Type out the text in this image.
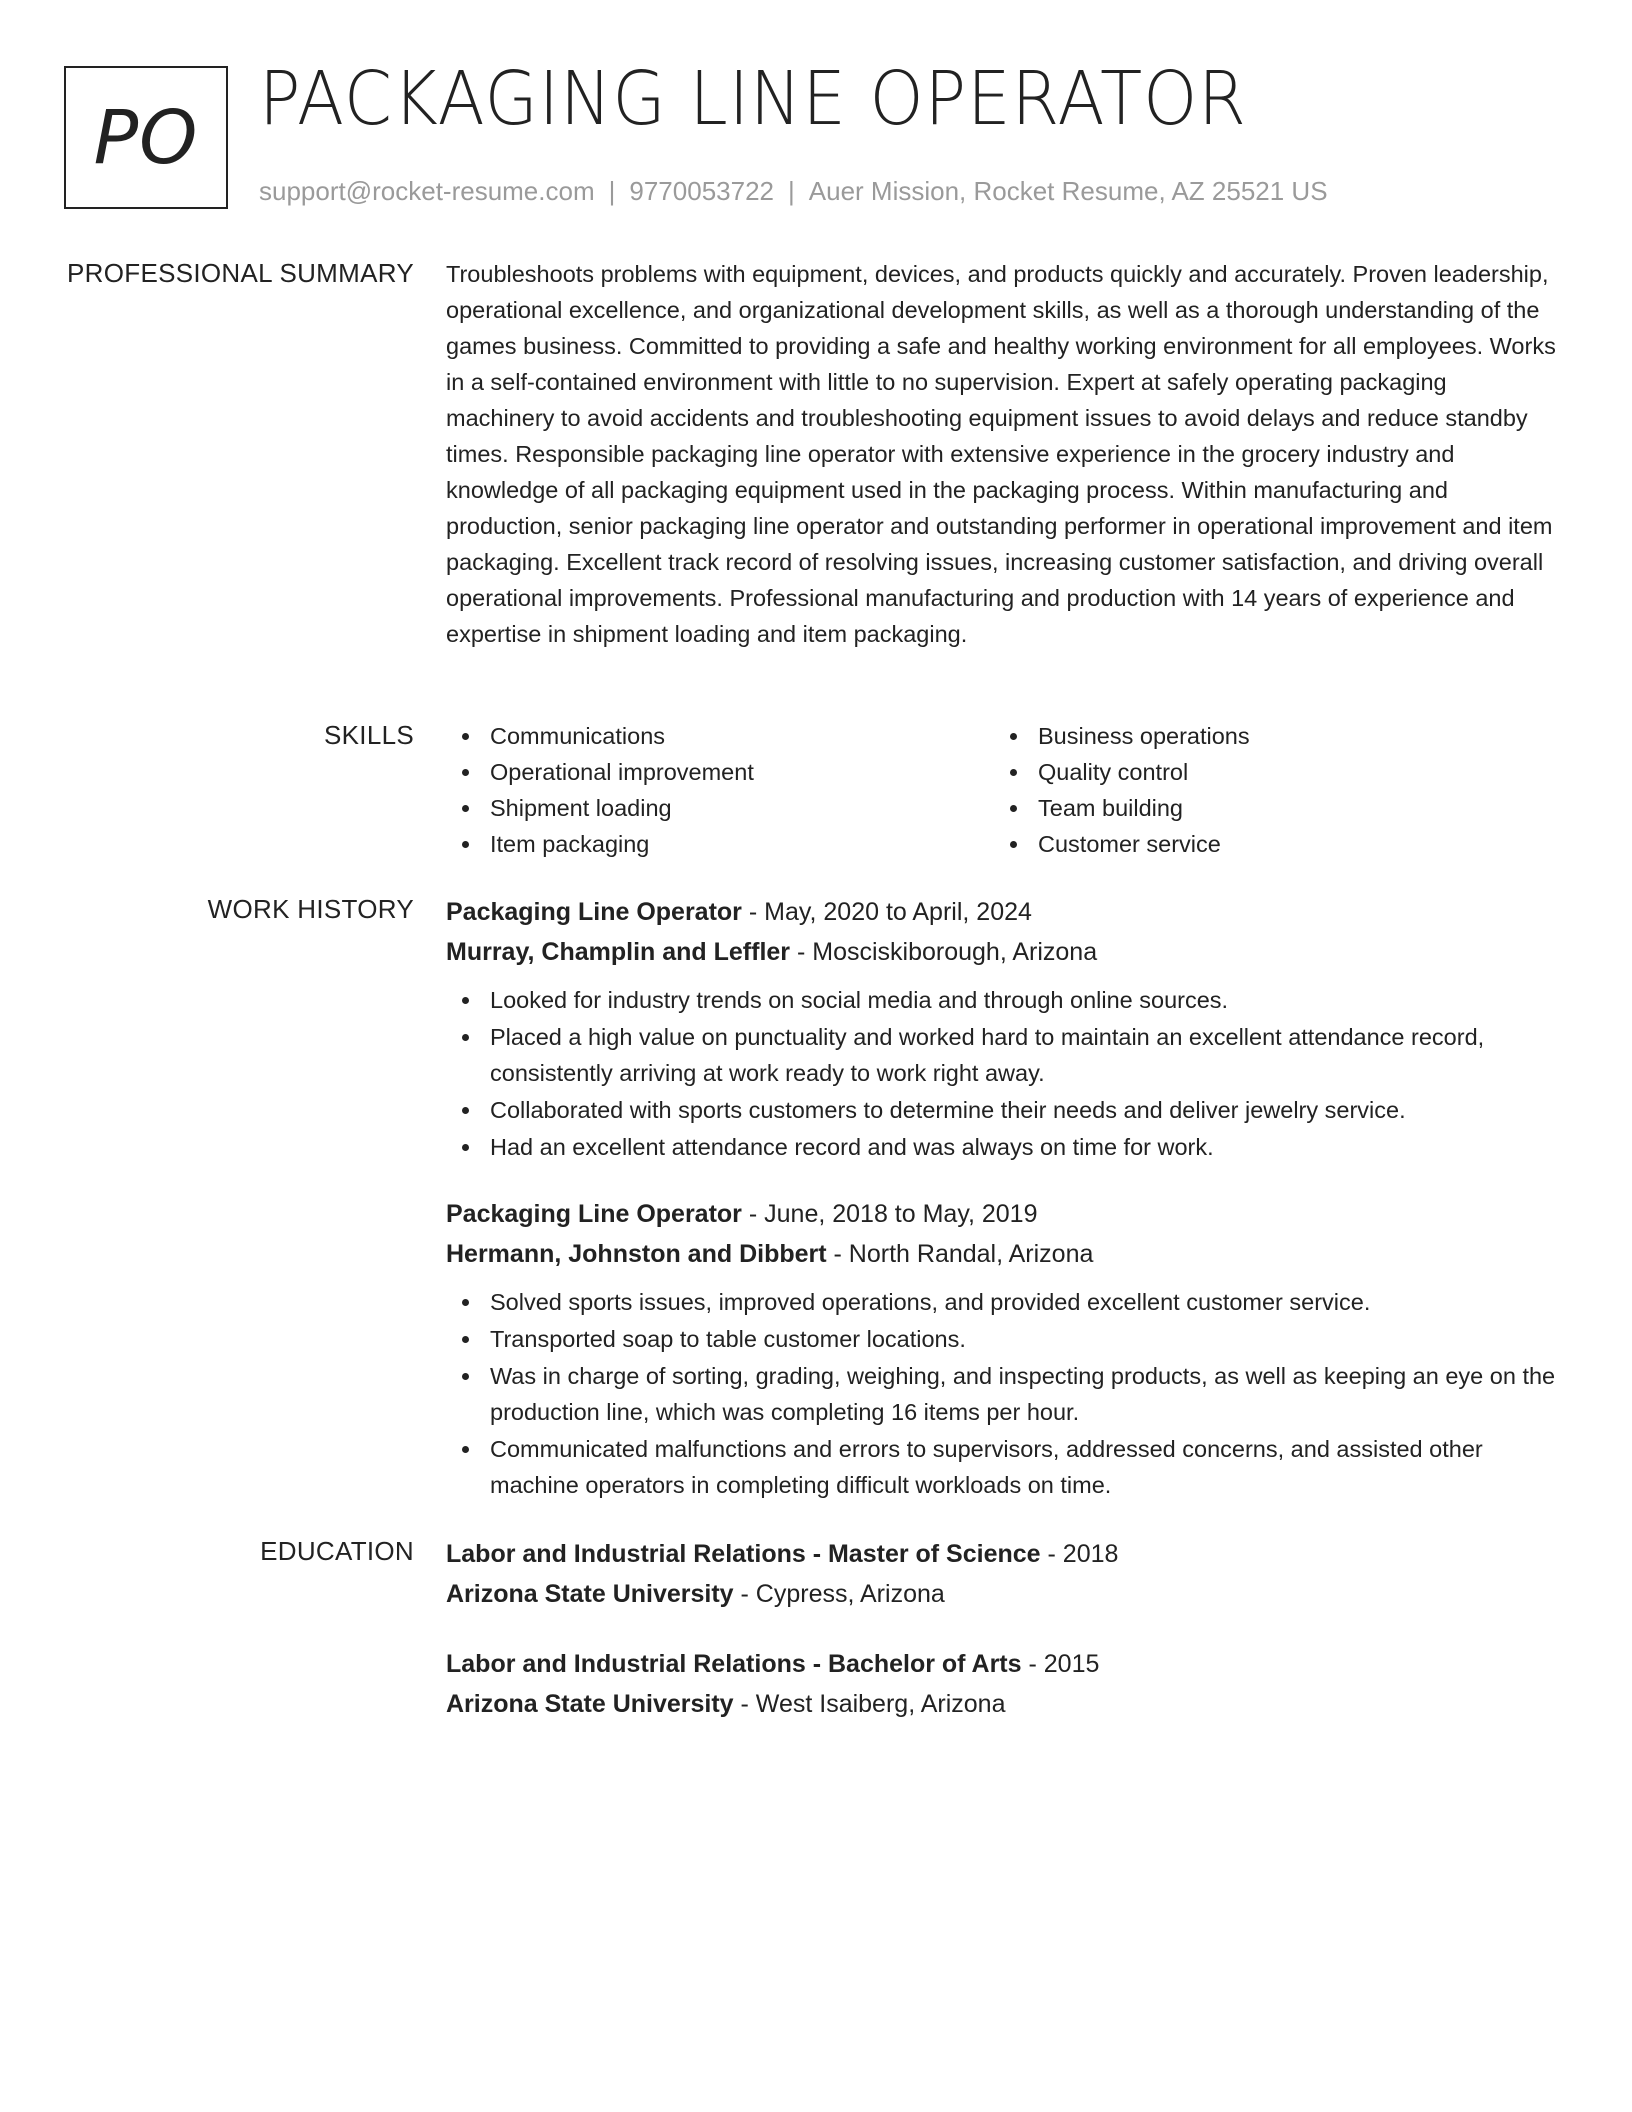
PO PACKAGING LINE OPERATOR
support@rocket-resume.com | 9770053722 | Auer Mission, Rocket Resume, AZ 25521 US
PROFESSIONAL SUMMARY Troubleshoots problems with equipment, devices, and products quickly and accurately. Proven leadership, operational excellence, and organizational development skills, as well as a thorough understanding of the games business. Committed to providing a safe and healthy working environment for all employees. Works in a self-contained environment with little to no supervision. Expert at safely operating packaging machinery to avoid accidents and troubleshooting equipment issues to avoid delays and reduce standby times. Responsible packaging line operator with extensive experience in the grocery industry and knowledge of all packaging equipment used in the packaging process. Within manufacturing and production, senior packaging line operator and outstanding performer in operational improvement and item packaging. Excellent track record of resolving issues, increasing customer satisfaction, and driving overall operational improvements. Professional manufacturing and production with 14 years of experience and expertise in shipment loading and item packaging.
SKILLS	Communications
Operational improvement
Shipment loading
Item packaging
Business operations
Quality control
Team building
Customer service
WORK HISTORY Packaging Line Operator - May, 2020 to April, 2024
Murray, Champlin and Leffler - Mosciskiborough, Arizona
Looked for industry trends on social media and through online sources.
Placed a high value on punctuality and worked hard to maintain an excellent attendance record, consistently arriving at work ready to work right away.
Collaborated with sports customers to determine their needs and deliver jewelry service.
Had an excellent attendance record and was always on time for work.
Packaging Line Operator - June, 2018 to May, 2019
Hermann, Johnston and Dibbert - North Randal, Arizona
Solved sports issues, improved operations, and provided excellent customer service.
Transported soap to table customer locations.
Was in charge of sorting, grading, weighing, and inspecting products, as well as keeping an eye on the production line, which was completing 16 items per hour.
Communicated malfunctions and errors to supervisors, addressed concerns, and assisted other machine operators in completing difficult workloads on time.
EDUCATION Labor and Industrial Relations - Master of Science - 2018
Arizona State University - Cypress, Arizona
Labor and Industrial Relations - Bachelor of Arts - 2015
Arizona State University - West Isaiberg, Arizona
